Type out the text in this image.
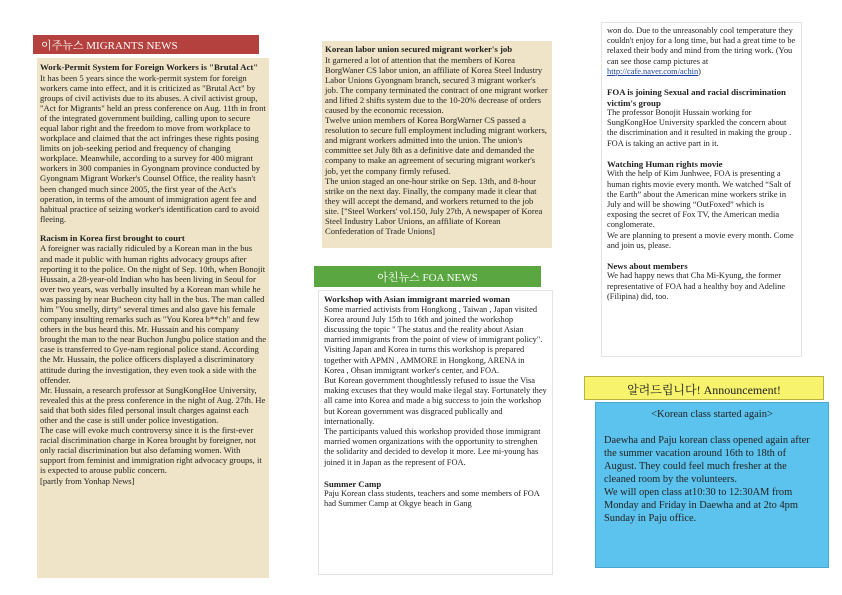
이주뉴스 MIGRANTS NEWS

Work-Permit System for Foreign Workers is "Brutal Act"

It has been 5 years since the work-permit system for foreign workers came into effect, and it is criticized as "Brutal Act" by groups of civil activists due to its abuses. A civil activist group, "Act for Migrants" held an press conference on Aug. 11th in front of the integrated government building, calling upon to secure equal labor right and the freedom to move from workplace to workplace and claimed that the act infringes these rights posing limits on job-seeking period and frequency of changing workplace. Meanwhile, according to a survey for 400 migrant workers in 300 companies in Gyongnam province conducted by Gyongnam Migrant Worker's Counsel Office, the reality hasn't been changed much since 2005, the first year of the Act's operation, in terms of the amount of immigration agent fee and habitual practice of seizing worker's identification card to avoid fleeing.

Racism in Korea first brought to court

A foreigner was racially ridiculed by a Korean man in the bus and made it public with human rights advocacy groups after reporting it to the police. On the night of Sep. 10th, when Bonojit Hussain, a 28-year-old Indian who has been living in Seoul for over two years, was verbally insulted by a Korean man while he was passing by near Bucheon city hall in the bus. The man called him "You smelly, dirty" several times and also gave his female company insulting remarks such as "You Korea b**ch" and few others in the bus heard this. Mr. Hussain and his company brought the man to the near Buchon Jungbu police station and the case is transferred to Gye-nam regional police stand. According the Mr. Hussain, the police officers displayed a discriminatory attitude during the investigation, they even took a side with the offender.

Mr. Hussain, a research professor at SungKongHoe University, revealed this at the press conference in the night of Aug. 27th. He said that both sides filed personal insult charges against each other and the case is still under police investigation.

The case will evoke much controversy since it is the first-ever racial discrimination charge in Korea brought by foreigner, not only racial discrimination but also defaming women. With support from feminist and immigration right advocacy groups, it is expected to arouse public concern.

[partly from Yonhap News]

Korean labor union secured migrant worker's job

It garnered a lot of attention that the members of Korea BorgWaner CS labor union, an affiliate of Korea Steel Industry Labor Unions Gyongnam branch, secured 3 migrant worker's job. The company terminated the contract of one migrant worker and lifted 2 shifts system due to the 10-20% decrease of orders caused by the economic recession.

Twelve union members of Korea BorgWarner CS passed a resolution to secure full employment including migrant workers, and migrant workers admitted into the union. The union's committee set July 8th as a definitive date and demanded the company to make an agreement of securing migrant worker's job, yet the company firmly refused.

The union staged an one-hour strike on Sep. 13th, and 8-hour strike on the next day. Finally, the company made it clear that they will accept the demand, and workers returned to the job site. ["Steel Workers' vol.150, July 27th, A newspaper of Korea Steel Industry Labor Unions, an affiliate of Korean Confederation of Trade Unions]

아친뉴스 FOA NEWS

Workshop with Asian immigrant married woman

Some married activists from Hongkong , Taiwan , Japan visited Korea around July 15th to 16th and joined the workshop discussing the topic " The status and the reality about Asian married immigrants from the point of view of immigrant policy". Visiting Japan and Korea in turns this workshop is prepared together with APMN , AMMORE in Hongkong, ARENA in Korea , Ohsan immigrant worker's center, and FOA.

But Korean government thoughtlessly refused to issue the Visa making excuses that they would make ilegal stay. Fortunately they all came into Korea and made a big success to join the workshop but Korean government was disgraced publically and internationally.

The participants valued this workshop provided those immigrant married women organizations with the opportunity to strenghen the solidarity and decided to develop it more. Lee mi-young has joined it in Japan as the represent of FOA.

Summer Camp

Paju Korean class students, teachers and some members of FOA had Summer Camp at Okgye beach in Gang

won do. Due to the unreasonably cool temperature they couldn't enjoy for a long time, but had a great time to be relaxed their body and mind from the tiring work. (You can see those camp pictures at http://cafe.naver.com/achin)

FOA is joining Sexual and racial discrimination victim's group

The professor Bonojit Hussain working for SungKongHoe University sparkled the concern about the discrimination and it resulted in making the group . FOA is taking an active part in it.

Watching Human rights movie

With the help of Kim Junhwee, FOA is presenting a human rights movie every month. We watched “Salt of the Earth” about the American mine workers strike in July and will be showing “OutFoxed” which is exposing the secret of Fox TV, the American media conglomerate.

We are planning to present a movie every month. Come and join us, please.

News about members

We had happy news that Cha Mi-Kyung, the former representative of FOA had a healthy boy and Adeline (Filipina) did, too.

알려드립니다! Announcement!

<Korean class started again>

Daewha and Paju korean class opened again after the summer vacation around 16th to 18th of August. They could feel much fresher at the cleaned room by the volunteers.

We will open class at10:30 to 12:30AM from Monday and Friday in Daewha and at 2to 4pm Sunday in Paju office.
